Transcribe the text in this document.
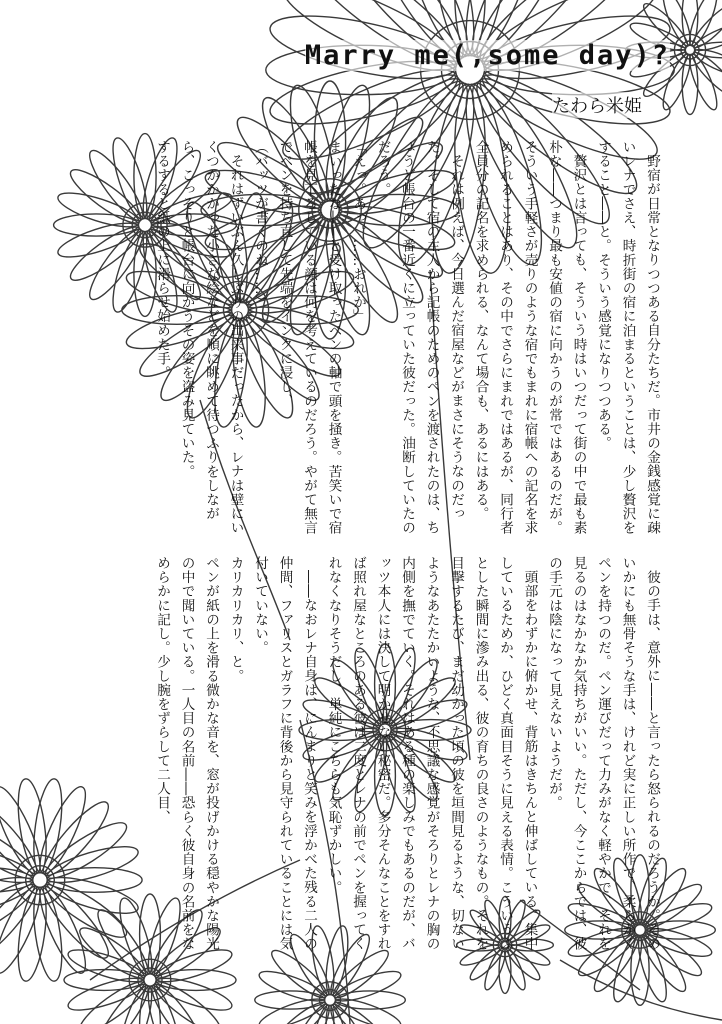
Marry me(,some day)?
たわら米姫

野宿が日常となりつつある自分たちだ。市井の金銭感覚に疎いレナでさえ、時折街の宿に泊まるということは、少し贅沢をすること――と。そういう感覚になりつつある。

贅沢とは言っても、そういう時はいつだって街の中で最も素朴な――つまり最も安値の宿に向かうのが常ではあるのだが。そういう手軽さが売りのような宿でもまれに宿帳への記名を求められることはあり、その中でさらにまれではあるが、同行者全員分の記名を求められる、なんて場合も、あるにはある。

それは例えば、今日選んだ宿屋などがまさにそうなのだった。そして宿の主人から記帳のためのペンを渡されたのは、ちょうど帳台の一番近くに立っていた彼だった。油断していたのだろう。

「えっ。あっ。……おれか」

まいったな――と受け取ったペンの軸で頭を掻き。苦笑いで宿帳を見下ろしている顔は何を考えているのだろう。やがて無言でペンを持ち直して先端をインクに浸し、

（バッツが書くのね……）

それはずいぶん久しぶりの出来事だったから、レナは壁にいくつかかかった小さな絵などを順に眺めて待つふりをしながら、こっそりと帳台に向かうその姿を盗み見ていた。

するすると紙の上に滑らせ始めた手。

彼の手は、意外に――と言ったら怒られるのだろうか。そのいかにも無骨そうな手は、けれど実に正しい所作で、柔らかくペンを持つのだ。ペン運びだって力みがなく軽やかで、それを見るのはなかなか気持ちがいい。ただし、今ここからでは、彼の手元は陰になって見えないようだが。

頭部をわずかに俯かせ、背筋はきちんと伸ばしている。集中しているためか、ひどく真面目そうに見える表情。こういうふとした瞬間に滲み出る、彼の育ちの良さのようなもの。それを目撃するたび、まだ幼かった頃の彼を垣間見るような、切ないようなあたたかいような、不思議な感覚がそろりとレナの胸の内側を撫でていく。それはある種の楽しみでもあるのだが、バッツ本人には決して明かせない秘密だ。多分そんなことをすれば照れ屋なところのある彼は二度とレナの前でペンを握ってくれなくなりそうだし、単純にこちらも気恥ずかしい。

――なおレナ自身は、にんまりと笑みを浮かべた残る二人の仲間、ファリスとガラフに背後から見守られていることには気付いていない。

カリカリカリ、と。

ペンが紙の上を滑る微かな音を、窓が投げかける穏やかな陽光の中で聞いている。一人目の名前――恐らく彼自身の名前をなめらかに記し。少し腕をずらして二人目、
